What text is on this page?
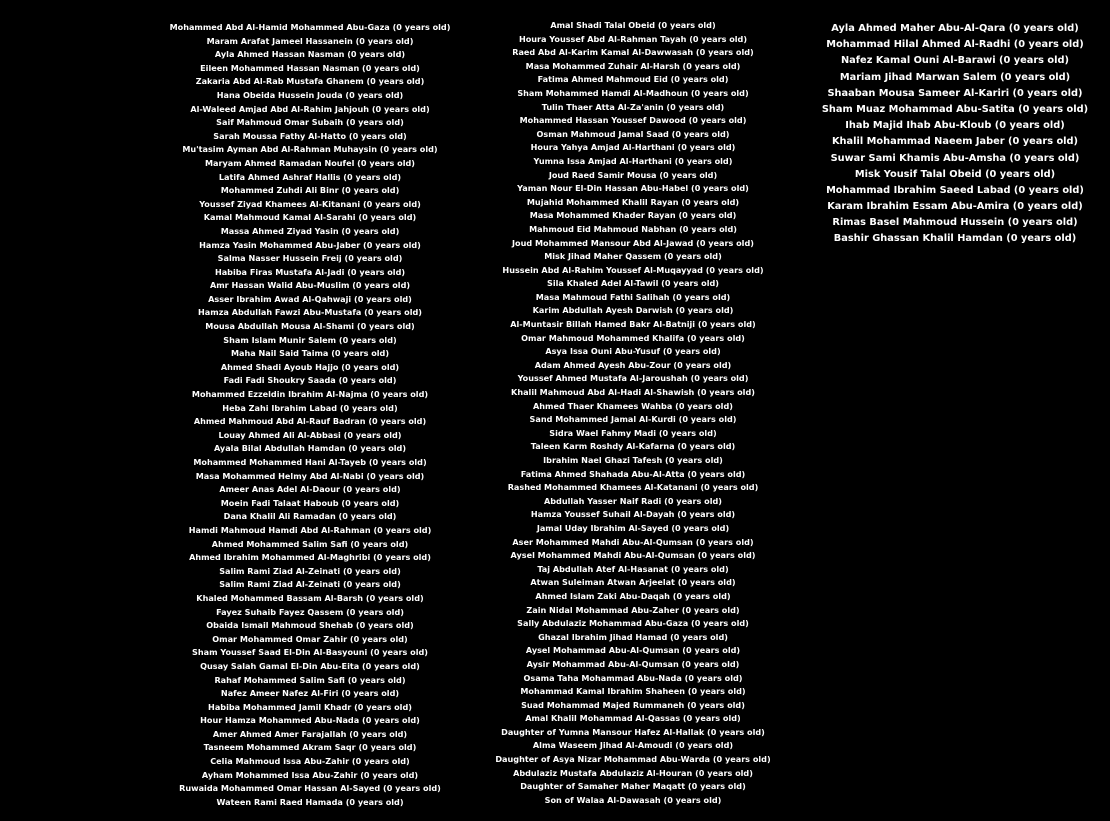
Mohammed Abd Al-Hamid Mohammed Abu-Gaza (0 years old)
Maram Arafat Jameel Hassanein (0 years old)
Ayla Ahmed Hassan Nasman (0 years old)
Eileen Mohammed Hassan Nasman (0 years old)
Zakaria Abd Al-Rab Mustafa Ghanem (0 years old)
Hana Obeida Hussein Jouda (0 years old)
Al-Waleed Amjad Abd Al-Rahim Jahjouh (0 years old)
Saif Mahmoud Omar Subaih (0 years old)
Sarah Moussa Fathy Al-Hatto (0 years old)
Mu'tasim Ayman Abd Al-Rahman Muhaysin (0 years old)
Maryam Ahmed Ramadan Noufel (0 years old)
Latifa Ahmed Ashraf Hallis (0 years old)
Mohammed Zuhdi Ali Binr (0 years old)
Youssef Ziyad Khamees Al-Kitanani (0 years old)
Kamal Mahmoud Kamal Al-Sarahi (0 years old)
Massa Ahmed Ziyad Yasin (0 years old)
Hamza Yasin Mohammed Abu-Jaber (0 years old)
Salma Nasser Hussein Freij (0 years old)
Habiba Firas Mustafa Al-Jadi (0 years old)
Amr Hassan Walid Abu-Muslim (0 years old)
Asser Ibrahim Awad Al-Qahwaji (0 years old)
Hamza Abdullah Fawzi Abu-Mustafa (0 years old)
Mousa Abdullah Mousa Al-Shami (0 years old)
Sham Islam Munir Salem (0 years old)
Maha Nail Said Taima (0 years old)
Ahmed Shadi Ayoub Hajjo (0 years old)
Fadi Fadi Shoukry Saada (0 years old)
Mohammed Ezzeldin Ibrahim Al-Najma (0 years old)
Heba Zahi Ibrahim Labad (0 years old)
Ahmed Mahmoud Abd Al-Rauf Badran (0 years old)
Louay Ahmed Ali Al-Abbasi (0 years old)
Ayala Bilal Abdullah Hamdan (0 years old)
Mohammed Mohammed Hani Al-Tayeb (0 years old)
Masa Mohammed Helmy Abd Al-Nabi (0 years old)
Ameer Anas Adel Al-Daour (0 years old)
Moein Fadi Talaat Haboub (0 years old)
Dana Khalil Ali Ramadan (0 years old)
Hamdi Mahmoud Hamdi Abd Al-Rahman (0 years old)
Ahmed Mohammed Salim Safi (0 years old)
Ahmed Ibrahim Mohammed Al-Maghribi (0 years old)
Salim Rami Ziad Al-Zeinati (0 years old)
Salim Rami Ziad Al-Zeinati (0 years old)
Khaled Mohammed Bassam Al-Barsh (0 years old)
Fayez Suhaib Fayez Qassem (0 years old)
Obaida Ismail Mahmoud Shehab (0 years old)
Omar Mohammed Omar Zahir (0 years old)
Sham Youssef Saad El-Din Al-Basyouni (0 years old)
Qusay Salah Gamal El-Din Abu-Eita (0 years old)
Rahaf Mohammed Salim Safi (0 years old)
Nafez Ameer Nafez Al-Firi (0 years old)
Habiba Mohammed Jamil Khadr (0 years old)
Hour Hamza Mohammed Abu-Nada (0 years old)
Amer Ahmed Amer Farajallah (0 years old)
Tasneem Mohammed Akram Saqr (0 years old)
Celia Mahmoud Issa Abu-Zahir (0 years old)
Ayham Mohammed Issa Abu-Zahir (0 years old)
Ruwaida Mohammed Omar Hassan Al-Sayed (0 years old)
Wateen Rami Raed Hamada (0 years old)
Amal Shadi Talal Obeid (0 years old)
Houra Youssef Abd Al-Rahman Tayah (0 years old)
Raed Abd Al-Karim Kamal Al-Dawwasah (0 years old)
Masa Mohammed Zuhair Al-Harsh (0 years old)
Fatima Ahmed Mahmoud Eid (0 years old)
Sham Mohammed Hamdi Al-Madhoun (0 years old)
Tulin Thaer Atta Al-Za'anin (0 years old)
Mohammed Hassan Youssef Dawood (0 years old)
Osman Mahmoud Jamal Saad (0 years old)
Houra Yahya Amjad Al-Harthani (0 years old)
Yumna Issa Amjad Al-Harthani (0 years old)
Joud Raed Samir Mousa (0 years old)
Yaman Nour El-Din Hassan Abu-Habel (0 years old)
Mujahid Mohammed Khalil Rayan (0 years old)
Masa Mohammed Khader Rayan (0 years old)
Mahmoud Eid Mahmoud Nabhan (0 years old)
Joud Mohammed Mansour Abd Al-Jawad (0 years old)
Misk Jihad Maher Qassem (0 years old)
Hussein Abd Al-Rahim Youssef Al-Muqayyad (0 years old)
Sila Khaled Adel Al-Tawil (0 years old)
Masa Mahmoud Fathi Salihah (0 years old)
Karim Abdullah Ayesh Darwish (0 years old)
Al-Muntasir Billah Hamed Bakr Al-Batniji (0 years old)
Omar Mahmoud Mohammed Khalifa (0 years old)
Asya Issa Ouni Abu-Yusuf (0 years old)
Adam Ahmed Ayesh Abu-Zour (0 years old)
Youssef Ahmed Mustafa Al-Jaroushah (0 years old)
Khalil Mahmoud Abd Al-Hadi Al-Shawish (0 years old)
Ahmed Thaer Khamees Wahba (0 years old)
Sand Mohammed Jamal Al-Kurdi (0 years old)
Sidra Wael Fahmy Madi (0 years old)
Taleen Karm Roshdy Al-Kafarna (0 years old)
Ibrahim Nael Ghazi Tafesh (0 years old)
Fatima Ahmed Shahada Abu-Al-Atta (0 years old)
Rashed Mohammed Khamees Al-Katanani (0 years old)
Abdullah Yasser Naif Radi (0 years old)
Hamza Youssef Suhail Al-Dayah (0 years old)
Jamal Uday Ibrahim Al-Sayed (0 years old)
Aser Mohammed Mahdi Abu-Al-Qumsan (0 years old)
Aysel Mohammed Mahdi Abu-Al-Qumsan (0 years old)
Taj Abdullah Atef Al-Hasanat (0 years old)
Atwan Suleiman Atwan Arjeelat (0 years old)
Ahmed Islam Zaki Abu-Daqah (0 years old)
Zain Nidal Mohammad Abu-Zaher (0 years old)
Sally Abdulaziz Mohammad Abu-Gaza (0 years old)
Ghazal Ibrahim Jihad Hamad (0 years old)
Aysel Mohammad Abu-Al-Qumsan (0 years old)
Aysir Mohammad Abu-Al-Qumsan (0 years old)
Osama Taha Mohammad Abu-Nada (0 years old)
Mohammad Kamal Ibrahim Shaheen (0 years old)
Suad Mohammad Majed Rummaneh (0 years old)
Amal Khalil Mohammad Al-Qassas (0 years old)
Daughter of Yumna Mansour Hafez Al-Hallak (0 years old)
Alma Waseem Jihad Al-Amoudi (0 years old)
Daughter of Asya Nizar Mohammad Abu-Warda (0 years old)
Abdulaziz Mustafa Abdulaziz Al-Houran (0 years old)
Daughter of Samaher Maher Maqatt (0 years old)
Son of Walaa Al-Dawasah (0 years old)
Ayla Ahmed Maher Abu-Al-Qara (0 years old)
Mohammad Hilal Ahmed Al-Radhi (0 years old)
Nafez Kamal Ouni Al-Barawi (0 years old)
Mariam Jihad Marwan Salem (0 years old)
Shaaban Mousa Sameer Al-Kariri (0 years old)
Sham Muaz Mohammad Abu-Satita (0 years old)
Ihab Majid Ihab Abu-Kloub (0 years old)
Khalil Mohammad Naeem Jaber (0 years old)
Suwar Sami Khamis Abu-Amsha (0 years old)
Misk Yousif Talal Obeid (0 years old)
Mohammad Ibrahim Saeed Labad (0 years old)
Karam Ibrahim Essam Abu-Amira (0 years old)
Rimas Basel Mahmoud Hussein (0 years old)
Bashir Ghassan Khalil Hamdan (0 years old)
